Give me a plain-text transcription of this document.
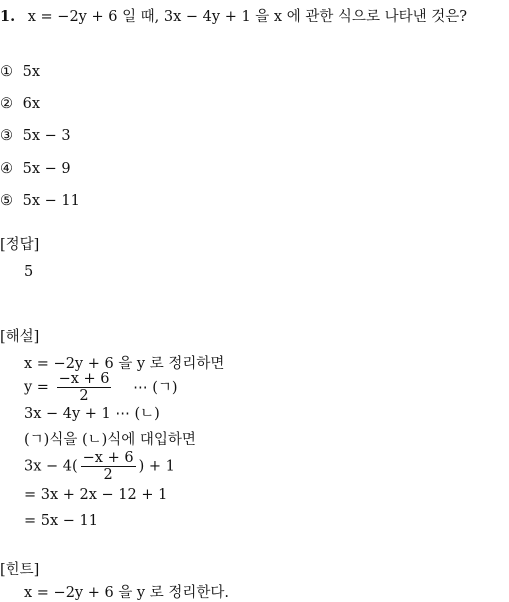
1. x = −2y + 6 일 때, 3x − 4y + 1 을 x 에 관한 식으로 나타낸 것은?
① 5x
② 6x
③ 5x − 3
④ 5x − 9
⑤ 5x − 11
[정답]
5
[해설]
x = −2y + 6 을 y 로 정리하면
$y = \frac{-x + 6}{2}$ ⋯ (ㄱ)
3x − 4y + 1 ⋯ (ㄴ)
(ㄱ)식을 (ㄴ)식에 대입하면
$3x - 4( \frac{-x + 6}{2}$ ) + 1
= 3x + 2x − 12 + 1
= 5x − 11
[힌트]
x = −2y + 6 을 y 로 정리한다.
